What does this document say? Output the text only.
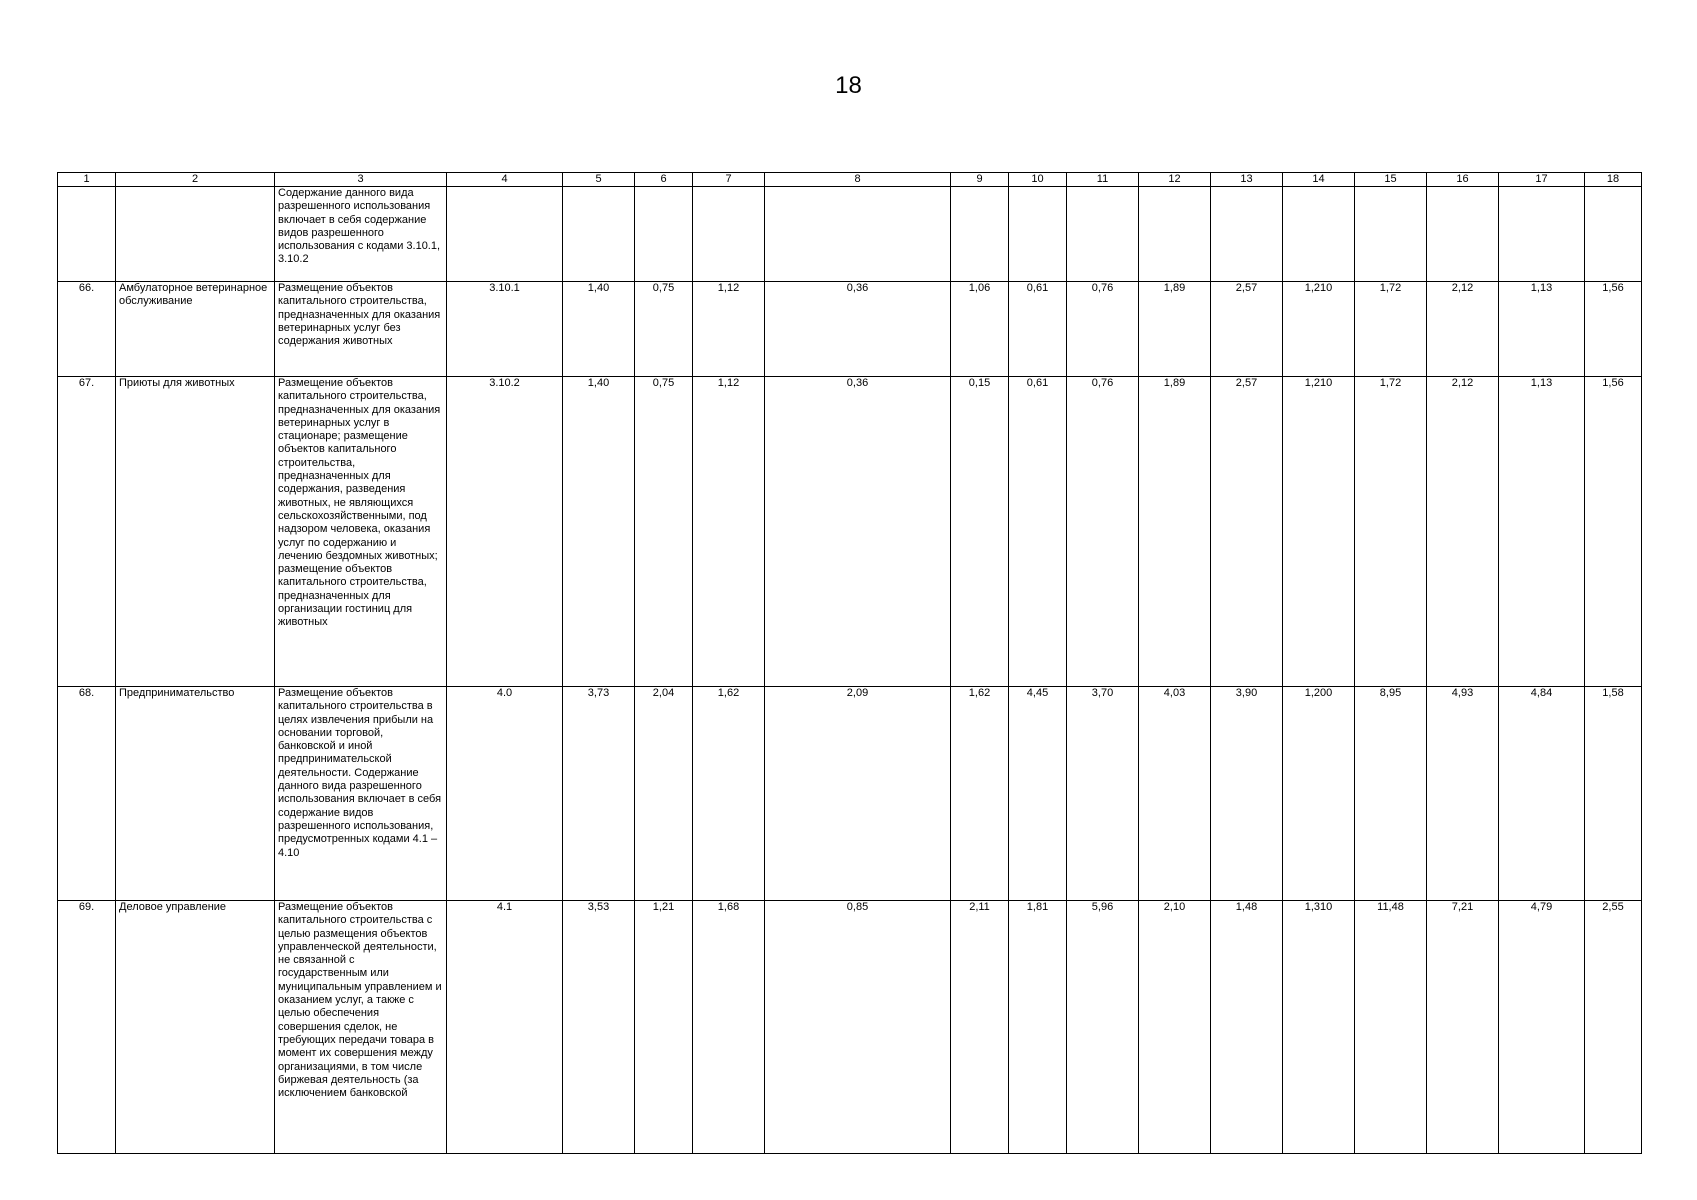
18
1	2	3	4	5	6	7	8	9	10	11	12	13	14	15	16	17	18
		Содержание данного вида разрешенного использования включает в себя содержание видов разрешенного использования с кодами 3.10.1, 3.10.2															
66.	Амбулаторное ветеринарное обслуживание	Размещение объектов капитального строительства, предназначенных для оказания ветеринарных услуг без содержания животных	3.10.1	1,40	0,75	1,12	0,36	1,06	0,61	0,76	1,89	2,57	1,210	1,72	2,12	1,13	1,56
67.	Приюты для животных	Размещение объектов капитального строительства, предназначенных для оказания ветеринарных услуг в стационаре; размещение объектов капитального строительства, предназначенных для содержания, разведения животных, не являющихся сельскохозяйственными, под надзором человека, оказания услуг по содержанию и лечению бездомных животных; размещение объектов капитального строительства, предназначенных для организации гостиниц для животных	3.10.2	1,40	0,75	1,12	0,36	0,15	0,61	0,76	1,89	2,57	1,210	1,72	2,12	1,13	1,56
68.	Предпринимательство	Размещение объектов капитального строительства в целях извлечения прибыли на основании торговой, банковской и иной предпринимательской деятельности. Содержание данного вида разрешенного использования включает в себя содержание видов разрешенного использования, предусмотренных кодами 4.1 – 4.10	4.0	3,73	2,04	1,62	2,09	1,62	4,45	3,70	4,03	3,90	1,200	8,95	4,93	4,84	1,58
69.	Деловое управление	Размещение объектов капитального строительства с целью размещения объектов управленческой деятельности, не связанной с государственным или муниципальным управлением и оказанием услуг, а также с целью обеспечения совершения сделок, не требующих передачи товара в момент их совершения между организациями, в том числе биржевая деятельность (за исключением банковской	4.1	3,53	1,21	1,68	0,85	2,11	1,81	5,96	2,10	1,48	1,310	11,48	7,21	4,79	2,55
